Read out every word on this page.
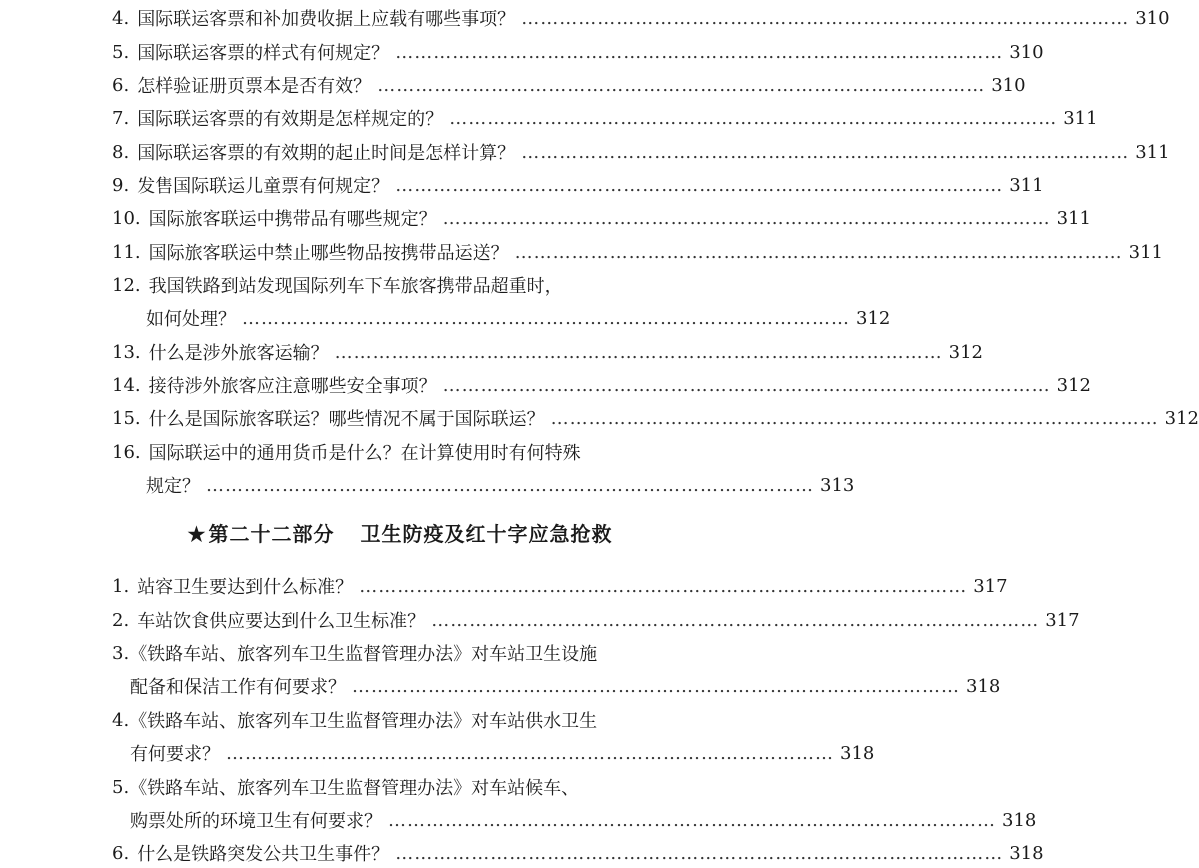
4. 国际联运客票和补加费收据上应载有哪些事项？ …………………………………………………………………………………… 310
5. 国际联运客票的样式有何规定？ …………………………………………………………………………………… 310
6. 怎样验证册页票本是否有效？ …………………………………………………………………………………… 310
7. 国际联运客票的有效期是怎样规定的？ …………………………………………………………………………………… 311
8. 国际联运客票的有效期的起止时间是怎样计算？ …………………………………………………………………………………… 311
9. 发售国际联运儿童票有何规定？ …………………………………………………………………………………… 311
10. 国际旅客联运中携带品有哪些规定？ …………………………………………………………………………………… 311
11. 国际旅客联运中禁止哪些物品按携带品运送？ …………………………………………………………………………………… 311
12. 我国铁路到站发现国际列车下车旅客携带品超重时，
如何处理？ …………………………………………………………………………………… 312
13. 什么是涉外旅客运输？ …………………………………………………………………………………… 312
14. 接待涉外旅客应注意哪些安全事项？ …………………………………………………………………………………… 312
15. 什么是国际旅客联运？哪些情况不属于国际联运？ …………………………………………………………………………………… 312
16. 国际联运中的通用货币是什么？在计算使用时有何特殊
规定？ …………………………………………………………………………………… 313
★ 第二十二部分 卫生防疫及红十字应急抢救
1. 站容卫生要达到什么标准？ …………………………………………………………………………………… 317
2. 车站饮食供应要达到什么卫生标准？ …………………………………………………………………………………… 317
3. 《铁路车站、旅客列车卫生监督管理办法》对车站卫生设施
配备和保洁工作有何要求？ …………………………………………………………………………………… 318
4. 《铁路车站、旅客列车卫生监督管理办法》对车站供水卫生
有何要求？ …………………………………………………………………………………… 318
5. 《铁路车站、旅客列车卫生监督管理办法》对车站候车、
购票处所的环境卫生有何要求？ …………………………………………………………………………………… 318
6. 什么是铁路突发公共卫生事件？ …………………………………………………………………………………… 318
